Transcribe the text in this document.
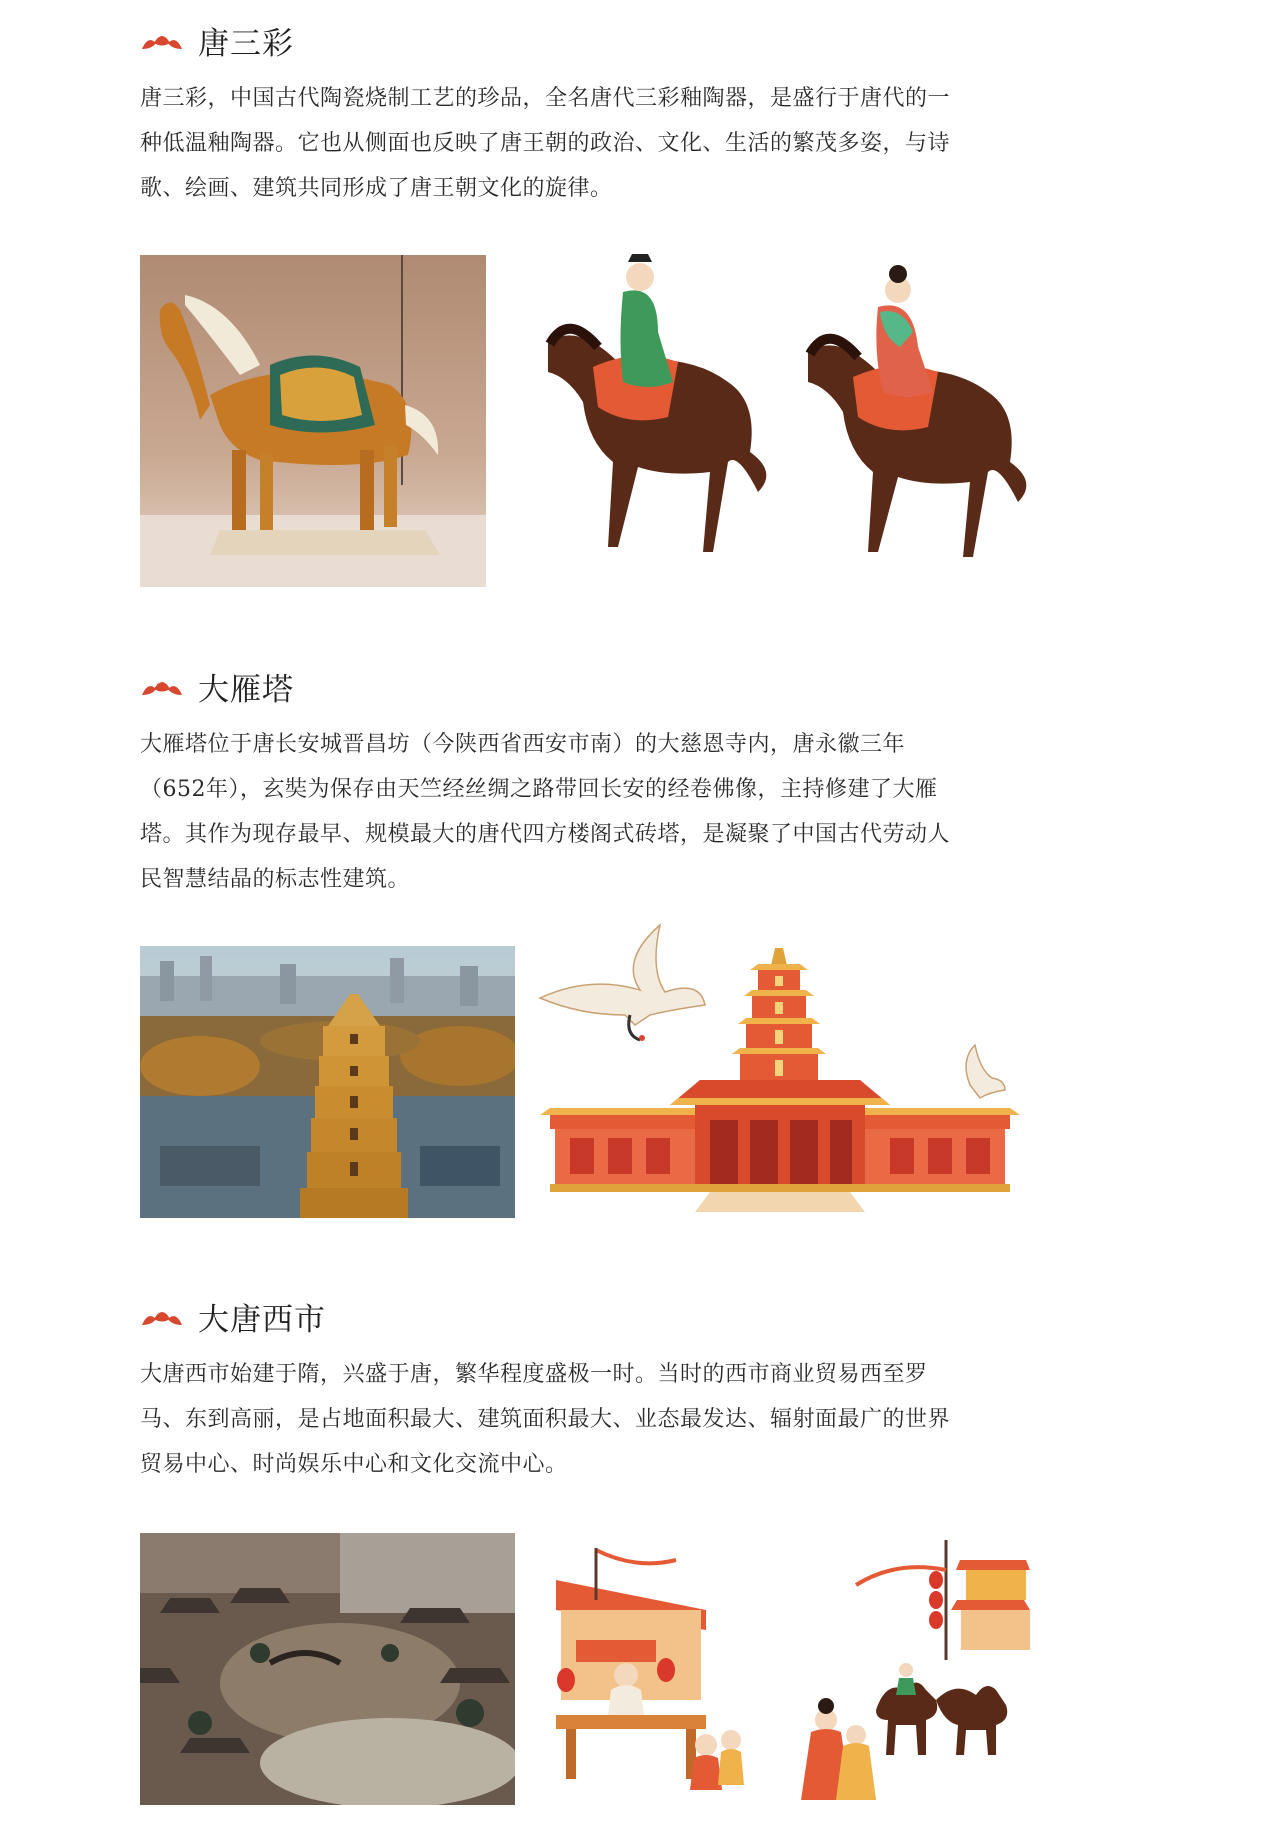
唐三彩
唐三彩，中国古代陶瓷烧制工艺的珍品，全名唐代三彩釉陶器，是盛行于唐代的一种低温釉陶器。它也从侧面也反映了唐王朝的政治、文化、生活的繁茂多姿，与诗歌、绘画、建筑共同形成了唐王朝文化的旋律。
大雁塔
大雁塔位于唐长安城晋昌坊（今陕西省西安市南）的大慈恩寺内，唐永徽三年（652年），玄奘为保存由天竺经丝绸之路带回长安的经卷佛像，主持修建了大雁塔。其作为现存最早、规模最大的唐代四方楼阁式砖塔，是凝聚了中国古代劳动人民智慧结晶的标志性建筑。
大唐西市
大唐西市始建于隋，兴盛于唐，繁华程度盛极一时。当时的西市商业贸易西至罗马、东到高丽，是占地面积最大、建筑面积最大、业态最发达、辐射面最广的世界贸易中心、时尚娱乐中心和文化交流中心。
